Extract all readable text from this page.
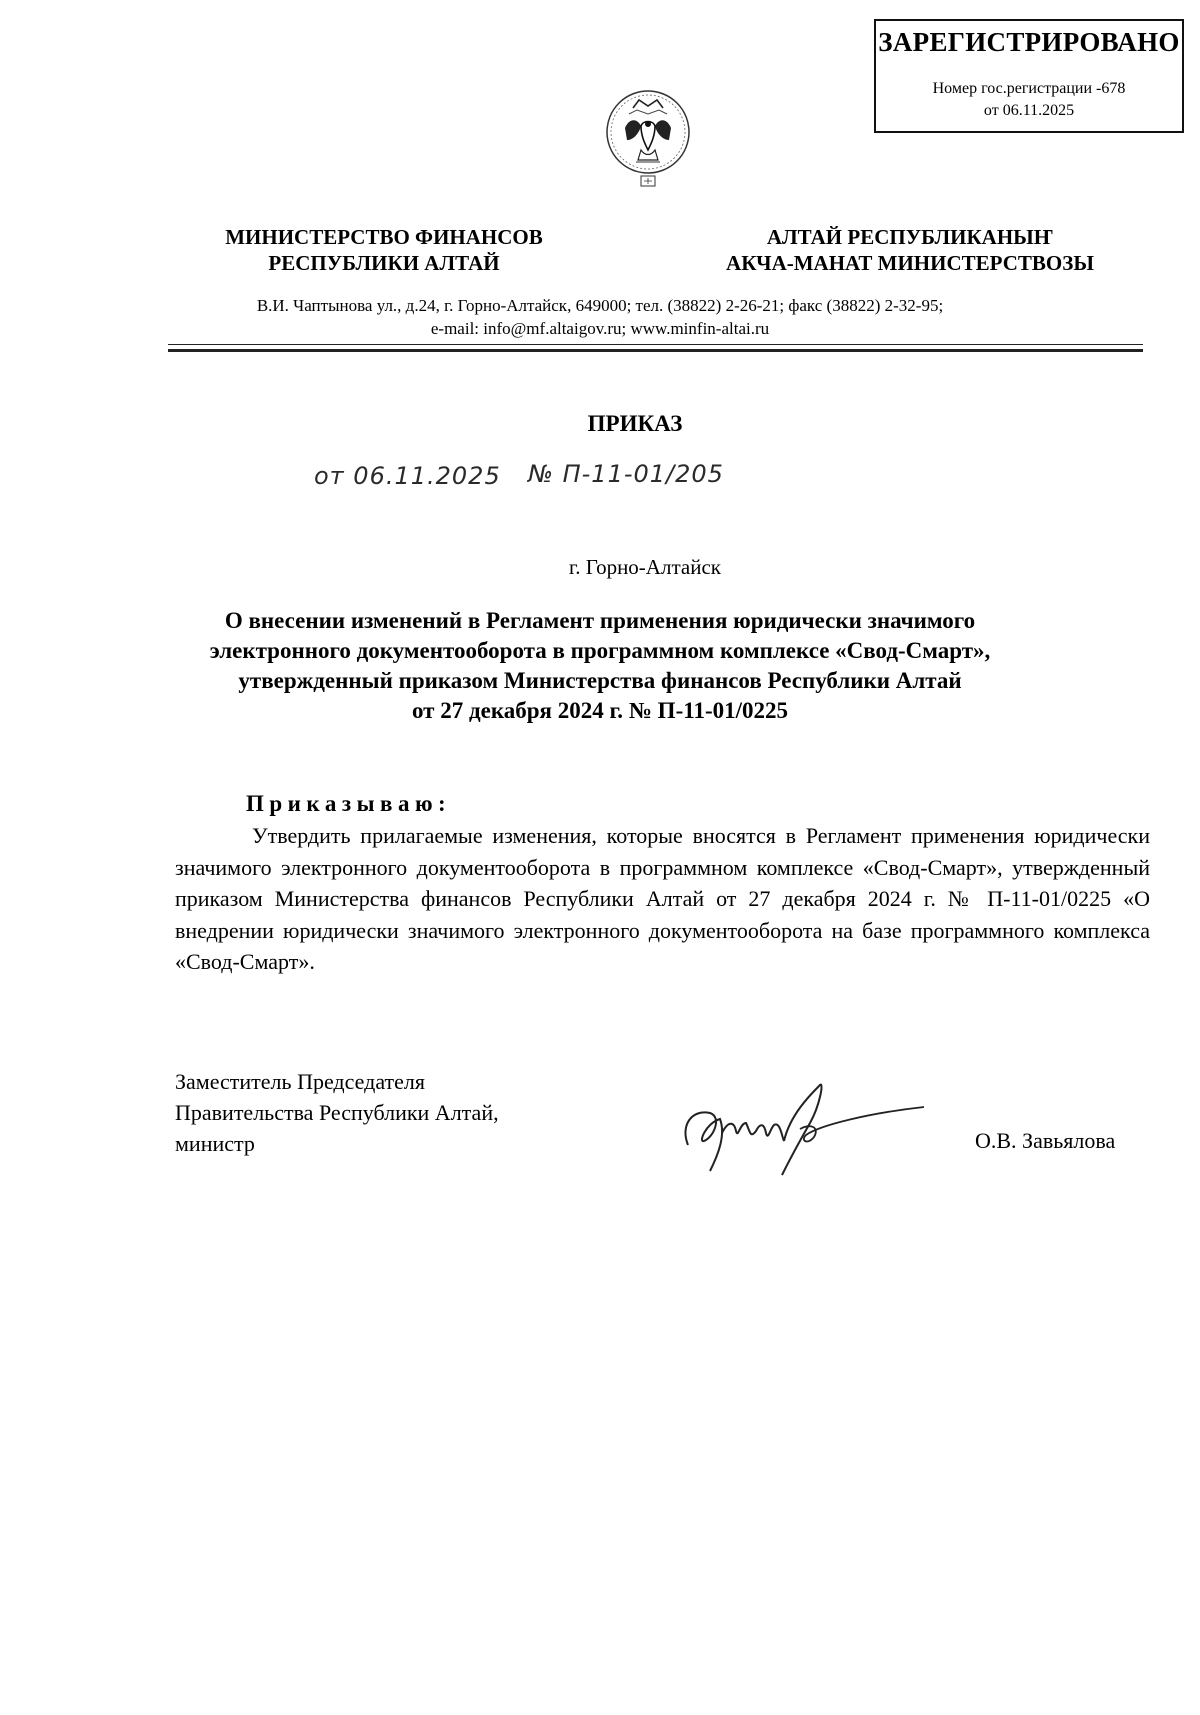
ЗАРЕГИСТРИРОВАНО
Номер гос.регистрации -678
от 06.11.2025
МИНИСТЕРСТВО ФИНАНСОВ
РЕСПУБЛИКИ АЛТАЙ
АЛТАЙ РЕСПУБЛИКАНЫҤ
АКЧА-МАНАТ МИНИСТЕРСТВОЗЫ
В.И. Чаптынова ул., д.24, г. Горно-Алтайск, 649000; тел. (38822) 2-26-21; факс (38822) 2-32-95;
e-mail: info@mf.altaigov.ru; www.minfin-altai.ru
ПРИКАЗ
от 06.11.2025 № П-11-01/205
г. Горно-Алтайск
О внесении изменений в Регламент применения юридически значимого
электронного документооборота в программном комплексе «Свод-Смарт»,
утвержденный приказом Министерства финансов Республики Алтай
от 27 декабря 2024 г. № П-11-01/0225
Приказываю:
Утвердить прилагаемые изменения, которые вносятся в Регламент применения юридически значимого электронного документооборота в программном комплексе «Свод-Смарт», утвержденный приказом Министерства финансов Республики Алтай от 27 декабря 2024 г. № П-11-01/0225 «О внедрении юридически значимого электронного документооборота на базе программного комплекса «Свод-Смарт».
Заместитель Председателя
Правительства Республики Алтай,
министр	О.В. Завьялова
